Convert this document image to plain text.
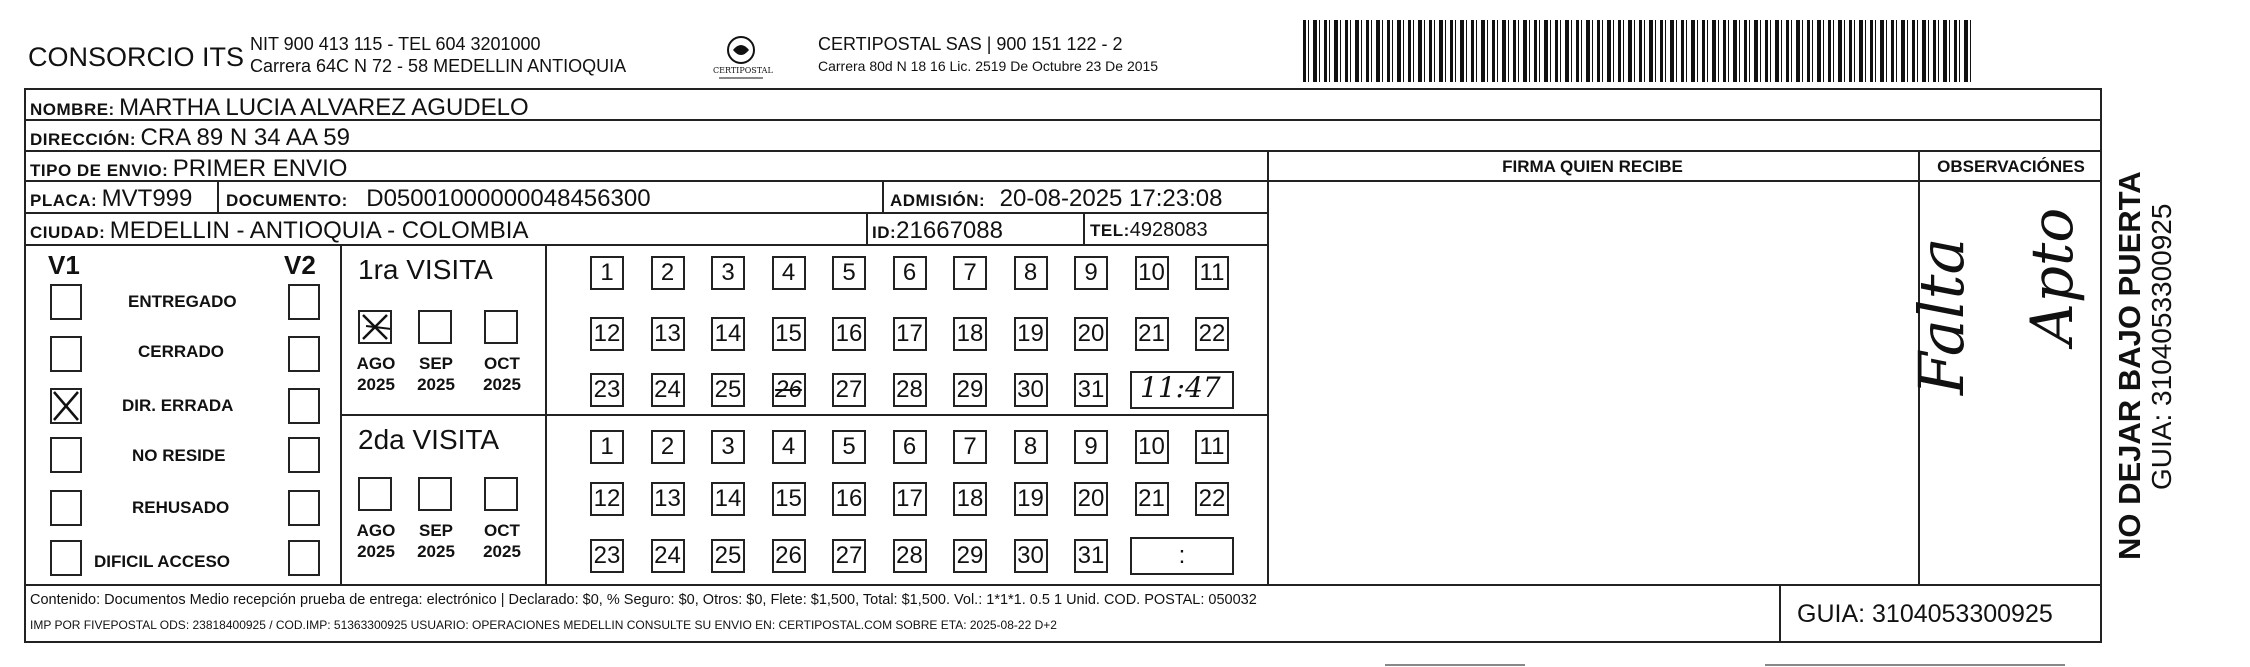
CONSORCIO ITS NIT 900 413 115 - TEL 604 3201000
Carrera 64C N 72 - 58 MEDELLIN ANTIOQUIA	CERTIPOSTAL
CERTIPOSTAL SAS | 900 151 122 - 2
Carrera 80d N 18 16 Lic. 2519 De Octubre 23 De 2015
NOMBRE: MARTHA LUCIA ALVAREZ AGUDELO
DIRECCIÓN: CRA 89 N 34 AA 59
TIPO DE ENVIO: PRIMER ENVIO
PLACA: MVT999 DOCUMENTO: D05001000000048456300	ADMISIÓN: 20-08-2025 17:23:08
CIUDAD: MEDELLIN - ANTIOQUIA - COLOMBIA	ID:21667088	TEL:4928083
FIRMA QUIEN RECIBE	OBSERVACIÓNES
Falta Apto
V1	V2
ENTREGADO
CERRADO
DIR. ERRADA
NO RESIDE
REHUSADO
DIFICIL ACCESO
1ra VISITA
AGO
2025
SEP
2025
OCT
2025
1	2	3	4	5	6	7	8	9	10 11
12 13 14 15 16 17 18 19 20 21 22
23 24 25 26 27 28 29 30 31 11:47
2da VISITA
AGO
2025
SEP
2025
OCT
2025
1	2	3	4	5	6	7	8	9	10 11
12 13 14 15 16 17 18 19 20 21 22
23 24 25 26 27 28 29 30 31	:
Contenido: Documentos Medio recepción prueba de entrega: electrónico | Declarado: $0, % Seguro: $0, Otros: $0, Flete: $1,500, Total: $1,500. Vol.: 1*1*1. 0.5 1 Unid. COD. POSTAL: 050032
IMP POR FIVEPOSTAL ODS: 23818400925 / COD.IMP: 51363300925 USUARIO: OPERACIONES MEDELLIN CONSULTE SU ENVIO EN: CERTIPOSTAL.COM SOBRE ETA: 2025-08-22 D+2	GUIA: 3104053300925
NO DEJAR BAJO PUERTA GUIA: 3104053300925
